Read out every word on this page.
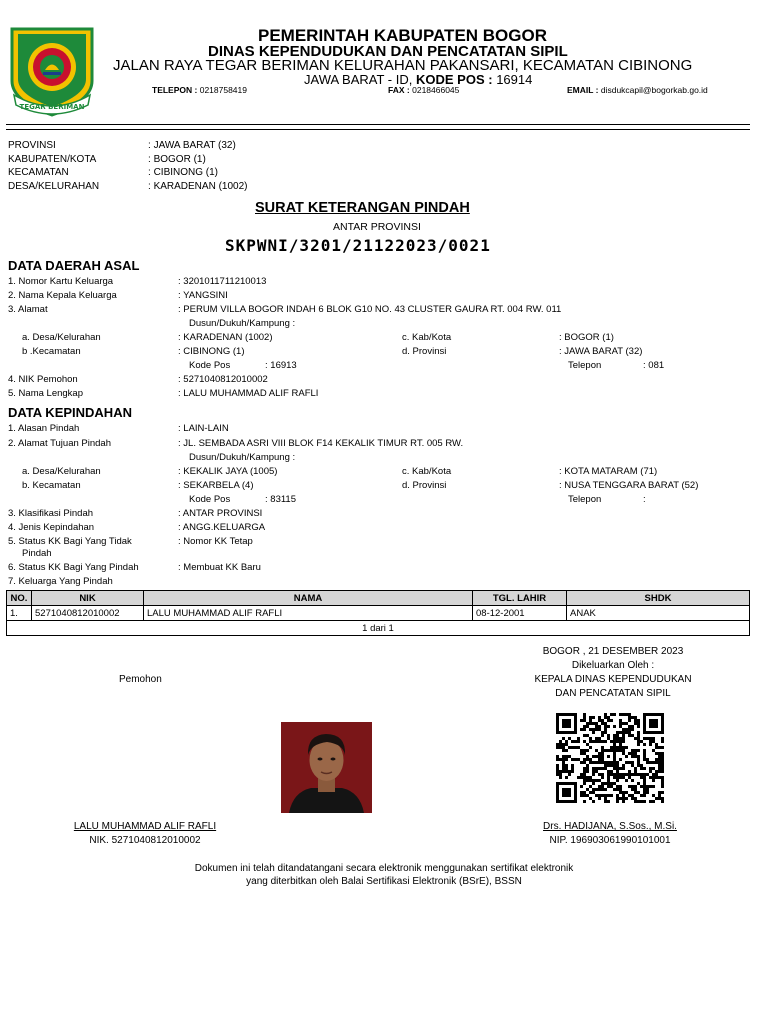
TEGAR BERIMAN
PEMERINTAH KABUPATEN BOGOR
DINAS KEPENDUDUKAN DAN PENCATATAN SIPIL
JALAN RAYA TEGAR BERIMAN KELURAHAN PAKANSARI, KECAMATAN CIBINONG
JAWA BARAT - ID, KODE POS : 16914
TELEPON : 0218758419	FAX : 0218466045	EMAIL : disdukcapil@bogorkab.go.id
PROVINSI	: JAWA BARAT (32)
KABUPATEN/KOTA	: BOGOR (1)
KECAMATAN	: CIBINONG (1)
DESA/KELURAHAN	: KARADENAN (1002)
SURAT KETERANGAN PINDAH
ANTAR PROVINSI
SKPWNI/3201/21122023/0021
DATA DAERAH ASAL
1. Nomor Kartu Keluarga	: 3201011711210013
2. Nama Kepala Keluarga	: YANGSINI
3. Alamat	: PERUM VILLA BOGOR INDAH 6 BLOK G10 NO. 43 CLUSTER GAURA RT. 004 RW. 011
Dusun/Dukuh/Kampung :
a. Desa/Kelurahan	: KARADENAN (1002)	c. Kab/Kota	: BOGOR (1)
b .Kecamatan	: CIBINONG (1)	d. Provinsi	: JAWA BARAT (32)
Kode Pos	: 16913	Telepon	: 081
4. NIK Pemohon	: 5271040812010002
5. Nama Lengkap	: LALU MUHAMMAD ALIF RAFLI
DATA KEPINDAHAN
1. Alasan Pindah	: LAIN-LAIN
2. Alamat Tujuan Pindah	: JL. SEMBADA ASRI VIII BLOK F14 KEKALIK TIMUR RT. 005 RW.
Dusun/Dukuh/Kampung :
a. Desa/Kelurahan	: KEKALIK JAYA (1005)	c. Kab/Kota	: KOTA MATARAM (71)
b. Kecamatan	: SEKARBELA (4)	d. Provinsi	: NUSA TENGGARA BARAT (52)
Kode Pos	: 83115	Telepon	:
3. Klasifikasi Pindah	: ANTAR PROVINSI
4. Jenis Kepindahan	: ANGG.KELUARGA
5. Status KK Bagi Yang Tidak
Pindah
: Nomor KK Tetap
6. Status KK Bagi Yang Pindah	: Membuat KK Baru
7. Keluarga Yang Pindah
NO.	NIK	NAMA	TGL. LAHIR	SHDK
1.	5271040812010002	LALU MUHAMMAD ALIF RAFLI	08-12-2001	ANAK
1 dari 1				
BOGOR , 21 DESEMBER 2023
Dikeluarkan Oleh :
KEPALA DINAS KEPENDUDUKAN
DAN PENCATATAN SIPIL
Pemohon
LALU MUHAMMAD ALIF RAFLI
NIK. 5271040812010002
Drs. HADIJANA, S.Sos., M.Si.
NIP. 196903061990101001
Dokumen ini telah ditandatangani secara elektronik menggunakan sertifikat elektronik
yang diterbitkan oleh Balai Sertifikasi Elektronik (BSrE), BSSN
